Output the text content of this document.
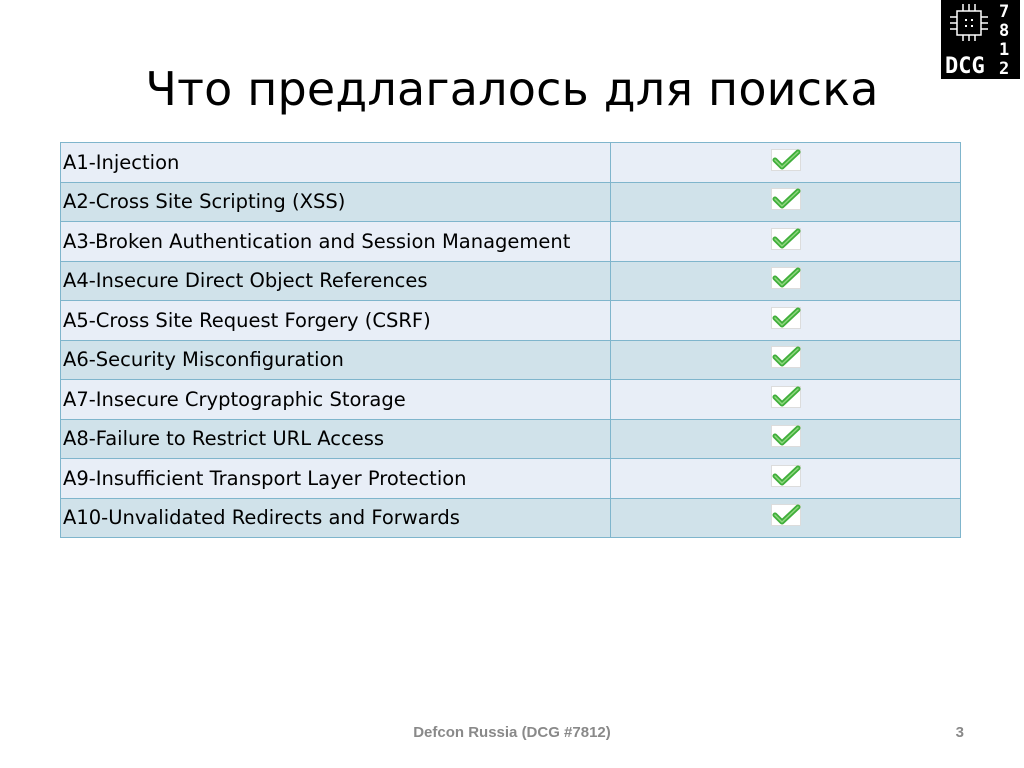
Что предлагалось для поиска	DCG
7
8
1
2
A1-Injection	
A2-Cross Site Scripting (XSS)	
A3-Broken Authentication and Session Management	
A4-Insecure Direct Object References	
A5-Cross Site Request Forgery (CSRF)	
A6-Security Misconfiguration	
A7-Insecure Cryptographic Storage	
A8-Failure to Restrict URL Access	
A9-Insufficient Transport Layer Protection	
A10-Unvalidated Redirects and Forwards	
Defcon Russia (DCG #7812)	3
